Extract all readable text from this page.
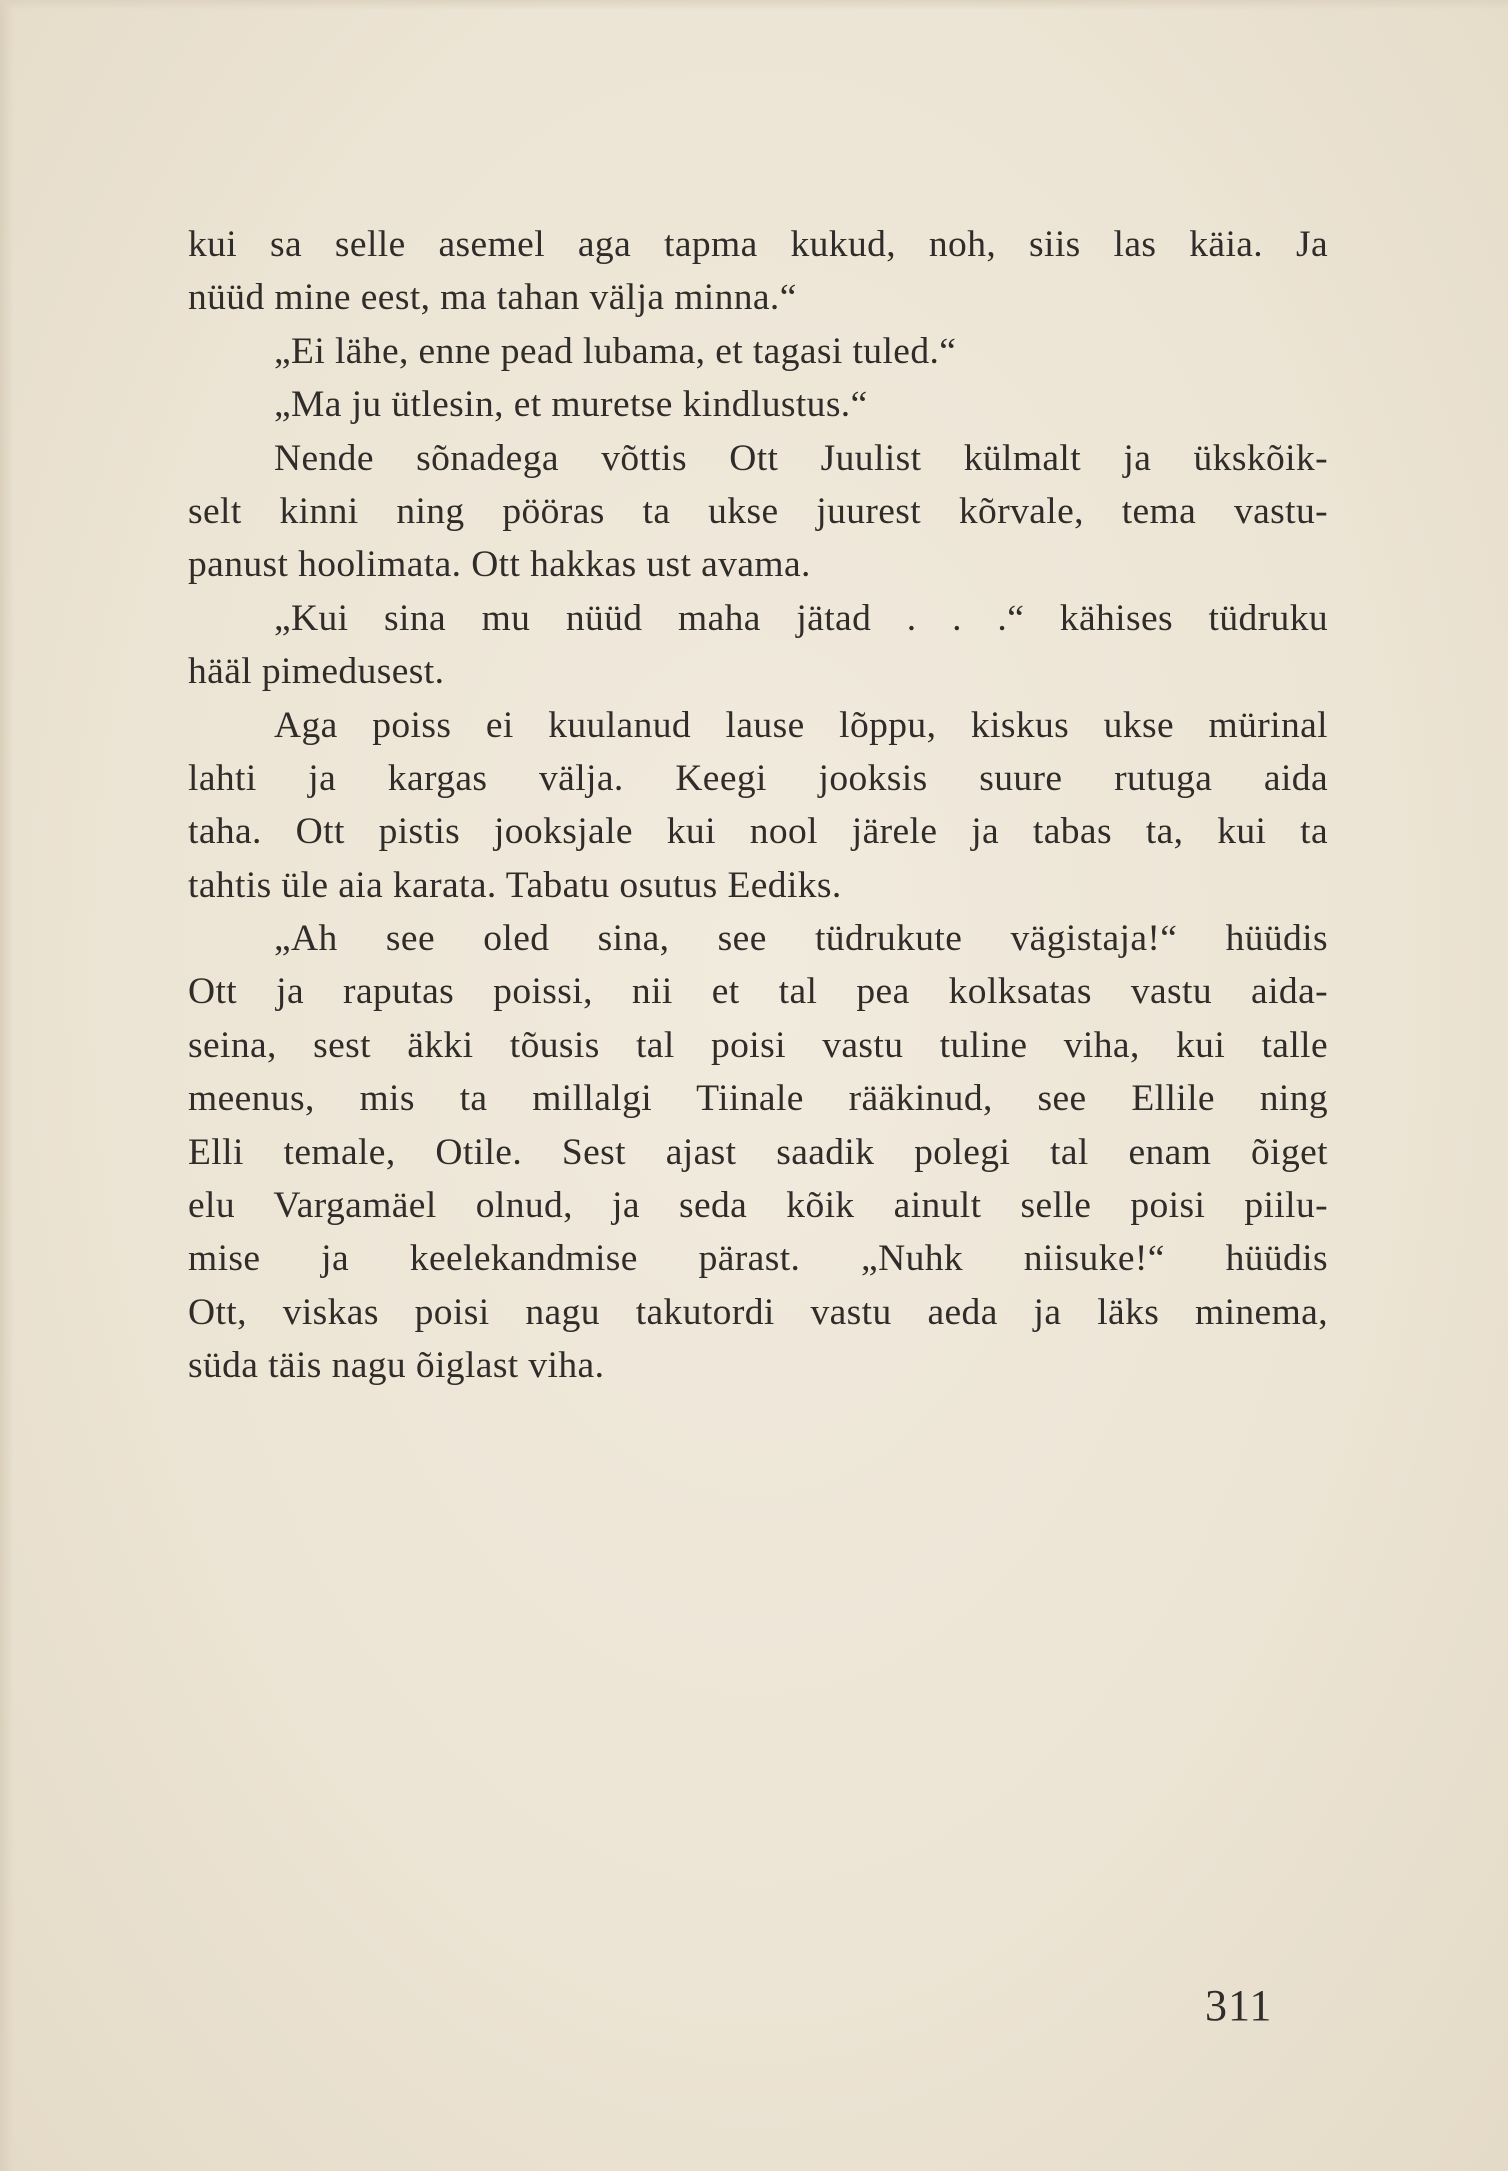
kui sa selle asemel aga tapma kukud, noh, siis las käia. Ja
nüüd mine eest, ma tahan välja minna.“
„Ei lähe, enne pead lubama, et tagasi tuled.“
„Ma ju ütlesin, et muretse kindlustus.“
Nende sõnadega võttis Ott Juulist külmalt ja ükskõik-
selt kinni ning pööras ta ukse juurest kõrvale, tema vastu-
panust hoolimata. Ott hakkas ust avama.
„Kui sina mu nüüd maha jätad . . .“ kähises tüdruku
hääl pimedusest.
Aga poiss ei kuulanud lause lõppu, kiskus ukse mürinal
lahti ja kargas välja. Keegi jooksis suure rutuga aida
taha. Ott pistis jooksjale kui nool järele ja tabas ta, kui ta
tahtis üle aia karata. Tabatu osutus Eediks.
„Ah see oled sina, see tüdrukute vägistaja!“ hüüdis
Ott ja raputas poissi, nii et tal pea kolksatas vastu aida-
seina, sest äkki tõusis tal poisi vastu tuline viha, kui talle
meenus, mis ta millalgi Tiinale rääkinud, see Ellile ning
Elli temale, Otile. Sest ajast saadik polegi tal enam õiget
elu Vargamäel olnud, ja seda kõik ainult selle poisi piilu-
mise ja keelekandmise pärast. „Nuhk niisuke!“ hüüdis
Ott, viskas poisi nagu takutordi vastu aeda ja läks minema,
süda täis nagu õiglast viha.
311
